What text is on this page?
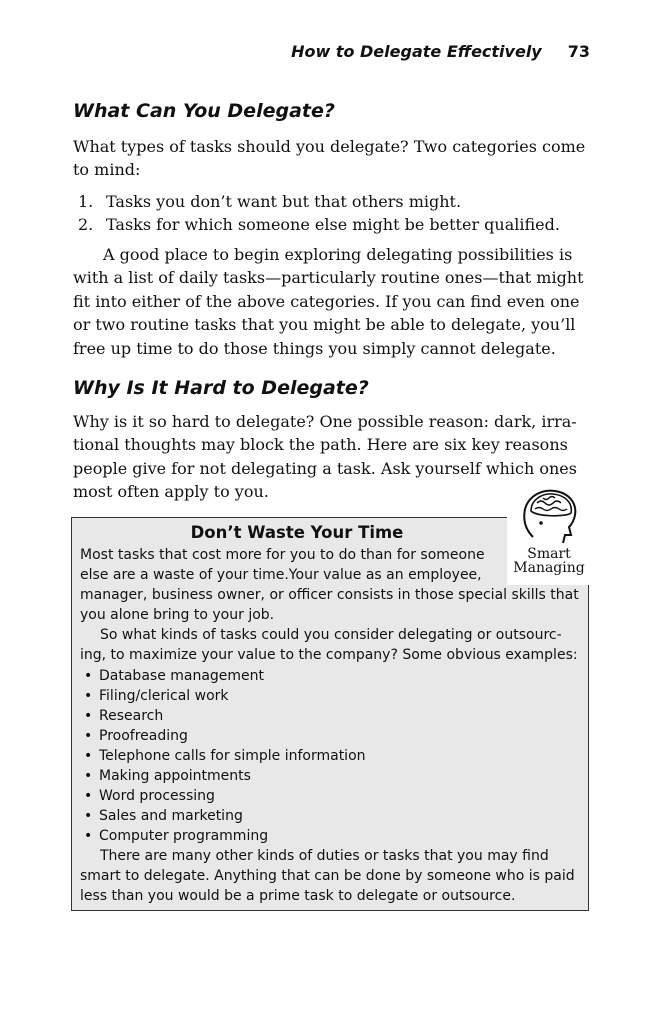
How to Delegate Effectively 73
What Can You Delegate?

What types of tasks should you delegate? Two categories come
to mind:

1. Tasks you don’t want but that others might.
2. Tasks for which someone else might be better qualified.

A good place to begin exploring delegating possibilities is
with a list of daily tasks—particularly routine ones—that might
fit into either of the above categories. If you can find even one
or two routine tasks that you might be able to delegate, you’ll
free up time to do those things you simply cannot delegate.

Why Is It Hard to Delegate?

Why is it so hard to delegate? One possible reason: dark, irra-
tional thoughts may block the path. Here are six key reasons
people give for not delegating a task. Ask yourself which ones
most often apply to you.

Don’t Waste Your Time

Most tasks that cost more for you to do than for someone
else are a waste of your time.Your value as an employee,
manager, business owner, or officer consists in those special skills that
you alone bring to your job.

So what kinds of tasks could you consider delegating or outsourc-
ing, to maximize your value to the company? Some obvious examples:

• Database management
• Filing/clerical work
• Research
• Proofreading
• Telephone calls for simple information
• Making appointments
• Word processing
• Sales and marketing
• Computer programming

There are many other kinds of duties or tasks that you may find
smart to delegate. Anything that can be done by someone who is paid
less than you would be a prime task to delegate or outsource.

Smart

Managing
